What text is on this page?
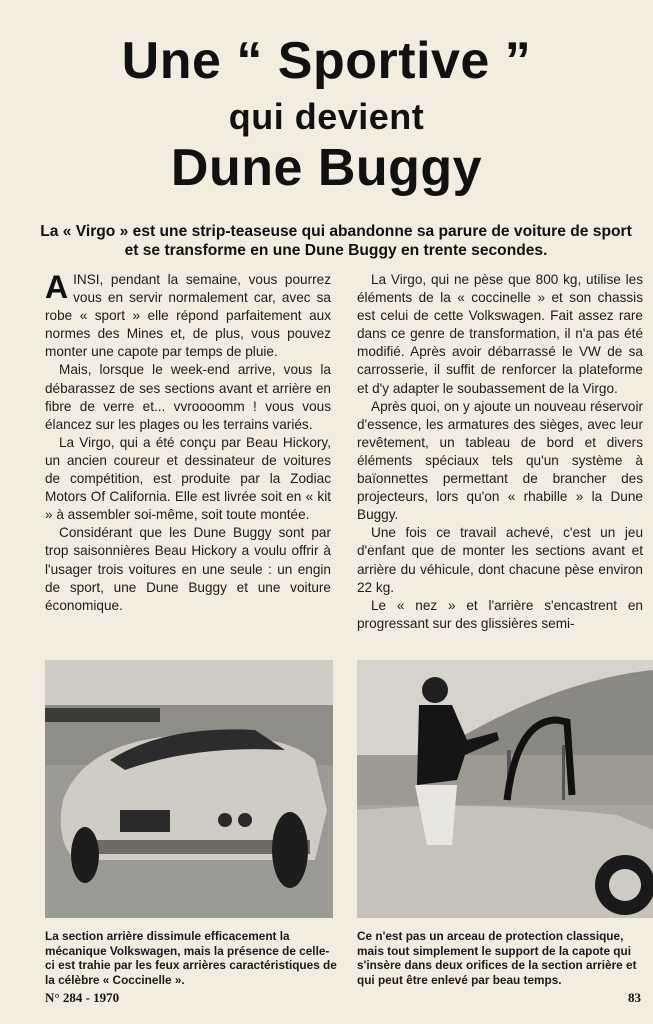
Une “ Sportive ”
qui devient
Dune Buggy

La « Virgo » est une strip-teaseuse qui abandonne sa parure de voiture de sport et se transforme en une Dune Buggy en trente secondes.

AINSI, pendant la semaine, vous pourrez vous en servir normalement car, avec sa robe « sport » elle répond parfaitement aux normes des Mines et, de plus, vous pouvez monter une capote par temps de pluie.

Mais, lorsque le week-end arrive, vous la débarassez de ses sections avant et arrière en fibre de verre et... vvroooomm ! vous vous élancez sur les plages ou les terrains variés.

La Virgo, qui a été conçu par Beau Hickory, un ancien coureur et dessinateur de voitures de compétition, est produite par la Zodiac Motors Of California. Elle est livrée soit en « kit » à assembler soi-même, soit toute montée.

Considérant que les Dune Buggy sont par trop saisonnières Beau Hickory a voulu offrir à l'usager trois voitures en une seule : un engin de sport, une Dune Buggy et une voiture économique.

La Virgo, qui ne pèse que 800 kg, utilise les éléments de la « coccinelle » et son chassis est celui de cette Volkswagen. Fait assez rare dans ce genre de transformation, il n'a pas été modifié. Après avoir débarrassé le VW de sa carrosserie, il suffit de renforcer la plateforme et d'y adapter le soubassement de la Virgo.

Après quoi, on y ajoute un nouveau réservoir d'essence, les armatures des sièges, avec leur revêtement, un tableau de bord et divers éléments spéciaux tels qu'un système à baïonnettes permettant de brancher des projecteurs, lors qu'on « rhabille » la Dune Buggy.

Une fois ce travail achevé, c'est un jeu d'enfant que de monter les sections avant et arrière du véhicule, dont chacune pèse environ 22 kg.

Le « nez » et l'arrière s'encastrent en progressant sur des glissières semi-

La section arrière dissimule efficacement la mécanique Volkswagen, mais la présence de celle-ci est trahie par les feux arrières caractéristiques de la célèbre « Coccinelle ».

Ce n'est pas un arceau de protection classique, mais tout simplement le support de la capote qui s'insère dans deux orifices de la section arrière et qui peut être enlevé par beau temps.

N° 284 - 1970	83
